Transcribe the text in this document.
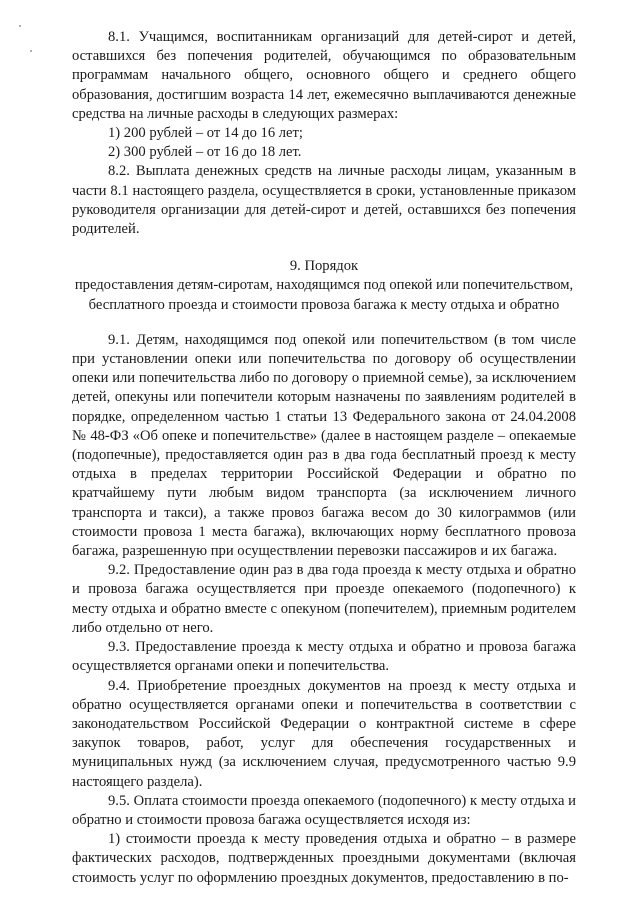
8.1. Учащимся, воспитанникам организаций для детей-сирот и детей, оставшихся без попечения родителей, обучающимся по образовательным программам начального общего, основного общего и среднего общего образования, достигшим возраста 14 лет, ежемесячно выплачиваются денежные средства на личные расходы в следующих размерах:

1) 200 рублей – от 14 до 16 лет;

2) 300 рублей – от 16 до 18 лет.

8.2. Выплата денежных средств на личные расходы лицам, указанным в части 8.1 настоящего раздела, осуществляется в сроки, установленные приказом руководителя организации для детей-сирот и детей, оставшихся без попечения родителей.

9. Порядок

предоставления детям-сиротам, находящимся под опекой или попечительством, бесплатного проезда и стоимости провоза багажа к месту отдыха и обратно

9.1. Детям, находящимся под опекой или попечительством (в том числе при установлении опеки или попечительства по договору об осуществлении опеки или попечительства либо по договору о приемной семье), за исключением детей, опекуны или попечители которым назначены по заявлениям родителей в порядке, определенном частью 1 статьи 13 Федерального закона от 24.04.2008 № 48-ФЗ «Об опеке и попечительстве» (далее в настоящем разделе – опекаемые (подопечные), предоставляется один раз в два года бесплатный проезд к месту отдыха в пределах территории Российской Федерации и обратно по кратчайшему пути любым видом транспорта (за исключением личного транспорта и такси), а также провоз багажа весом до 30 килограммов (или стоимости провоза 1 места багажа), включающих норму бесплатного провоза багажа, разрешенную при осуществлении перевозки пассажиров и их багажа.

9.2. Предоставление один раз в два года проезда к месту отдыха и обратно и провоза багажа осуществляется при проезде опекаемого (подопечного) к месту отдыха и обратно вместе с опекуном (попечителем), приемным родителем либо отдельно от него.

9.3. Предоставление проезда к месту отдыха и обратно и провоза багажа осуществляется органами опеки и попечительства.

9.4. Приобретение проездных документов на проезд к месту отдыха и обратно осуществляется органами опеки и попечительства в соответствии с законодательством Российской Федерации о контрактной системе в сфере закупок товаров, работ, услуг для обеспечения государственных и муниципальных нужд (за исключением случая, предусмотренного частью 9.9 настоящего раздела).

9.5. Оплата стоимости проезда опекаемого (подопечного) к месту отдыха и обратно и стоимости провоза багажа осуществляется исходя из:

1) стоимости проезда к месту проведения отдыха и обратно – в размере фактических расходов, подтвержденных проездными документами (включая стоимость услуг по оформлению проездных документов, предоставлению в по-
